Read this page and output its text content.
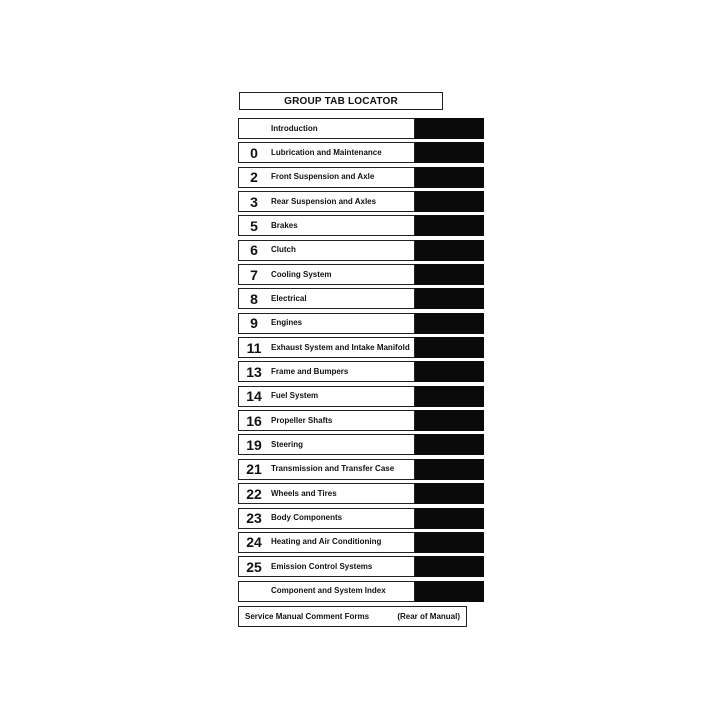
GROUP TAB LOCATOR
Introduction
0	Lubrication and Maintenance
2	Front Suspension and Axle
3	Rear Suspension and Axles
5	Brakes
6	Clutch
7	Cooling System
8	Electrical
9	Engines
11	Exhaust System and Intake Manifold
13	Frame and Bumpers
14	Fuel System
16	Propeller Shafts
19	Steering
21	Transmission and Transfer Case
22	Wheels and Tires
23	Body Components
24	Heating and Air Conditioning
25	Emission Control Systems
Component and System Index
Service Manual Comment Forms	(Rear of Manual)
